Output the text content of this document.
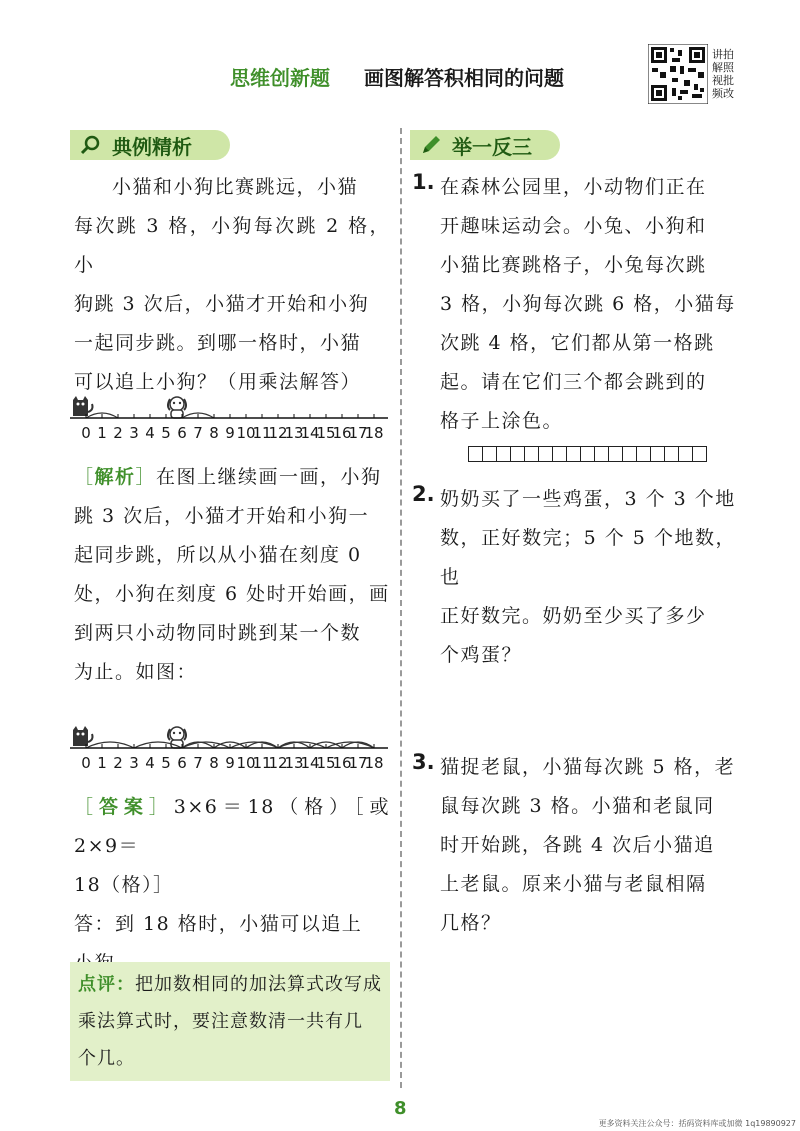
思维创新题 画图解答积相同的问题
讲拍
解照
视批
频改
典例精析
小猫和小狗比赛跳远，小猫
每次跳 3 格，小狗每次跳 2 格，小
狗跳 3 次后，小猫才开始和小狗
一起同步跳。到哪一格时，小猫
可以追上小狗？（用乘法解答）
0 1 2 3 4 5 6 7 8 9 10
11
12
13
14
15
16
17
18
［解析］在图上继续画一画，小狗
跳 3 次后，小猫才开始和小狗一
起同步跳，所以从小猫在刻度 0
处，小狗在刻度 6 处时开始画，画
到两只小动物同时跳到某一个数
为止。如图：
0 1 2 3 4 5 6 7 8 9 10
11
12
13
14
15
16
17
18
［答案］3×6＝18（格）［或 2×9＝
18（格）］
答：到 18 格时，小猫可以追上
点评：把加数相同的加法算式改写成
乘法算式时，要注意数清一共有几
个几。
举一反三
1. 在森林公园里，小动物们正在
开趣味运动会。小兔、小狗和
小猫比赛跳格子，小兔每次跳
3 格，小狗每次跳 6 格，小猫每
次跳 4 格，它们都从第一格跳
起。请在它们三个都会跳到的
格子上涂色。
2. 奶奶买了一些鸡蛋，3 个 3 个地
数，正好数完；5 个 5 个地数，也
正好数完。奶奶至少买了多少
个鸡蛋？
3. 猫捉老鼠，小猫每次跳 5 格，老
鼠每次跳 3 格。小猫和老鼠同
时开始跳，各跳 4 次后小猫追
上老鼠。原来小猫与老鼠相隔
几格？
8
更多资料关注公众号：括码资料库或加微 1q19890927
